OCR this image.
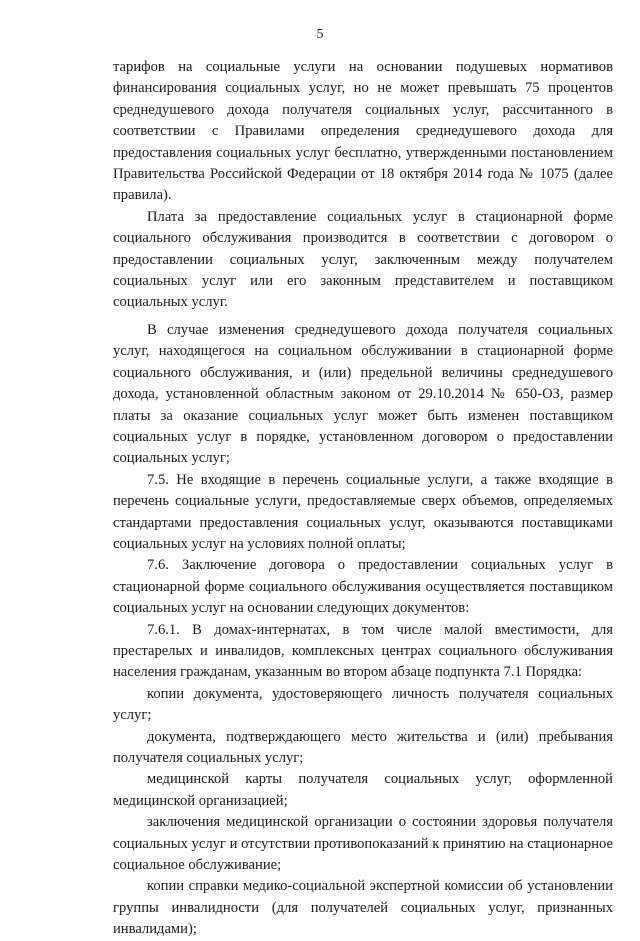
5

тарифов на социальные услуги на основании подушевых нормативов финансирования социальных услуг, но не может превышать 75 процентов среднедушевого дохода получателя социальных услуг, рассчитанного в соответствии с Правилами определения среднедушевого дохода для предоставления социальных услуг бесплатно, утвержденными постановлением Правительства Российской Федерации от 18 октября 2014 года № 1075 (далее правила).

Плата за предоставление социальных услуг в стационарной форме социального обслуживания производится в соответствии с договором о предоставлении социальных услуг, заключенным между получателем социальных услуг или его законным представителем и поставщиком социальных услуг.

В случае изменения среднедушевого дохода получателя социальных услуг, находящегося на социальном обслуживании в стационарной форме социального обслуживания, и (или) предельной величины среднедушевого дохода, установленной областным законом от 29.10.2014 № 650-ОЗ, размер платы за оказание социальных услуг может быть изменен поставщиком социальных услуг в порядке, установленном договором о предоставлении социальных услуг;

7.5. Не входящие в перечень социальные услуги, а также входящие в перечень социальные услуги, предоставляемые сверх объемов, определяемых стандартами предоставления социальных услуг, оказываются поставщиками социальных услуг на условиях полной оплаты;

7.6. Заключение договора о предоставлении социальных услуг в стационарной форме социального обслуживания осуществляется поставщиком социальных услуг на основании следующих документов:

7.6.1. В домах-интернатах, в том числе малой вместимости, для престарелых и инвалидов, комплексных центрах социального обслуживания населения гражданам, указанным во втором абзаце подпункта 7.1 Порядка:

копии документа, удостоверяющего личность получателя социальных услуг;

документа, подтверждающего место жительства и (или) пребывания получателя социальных услуг;

медицинской карты получателя социальных услуг, оформленной медицинской организацией;

заключения медицинской организации о состоянии здоровья получателя социальных услуг и отсутствии противопоказаний к принятию на стационарное социальное обслуживание;

копии справки медико-социальной экспертной комиссии об установлении группы инвалидности (для получателей социальных услуг, признанных инвалидами);
